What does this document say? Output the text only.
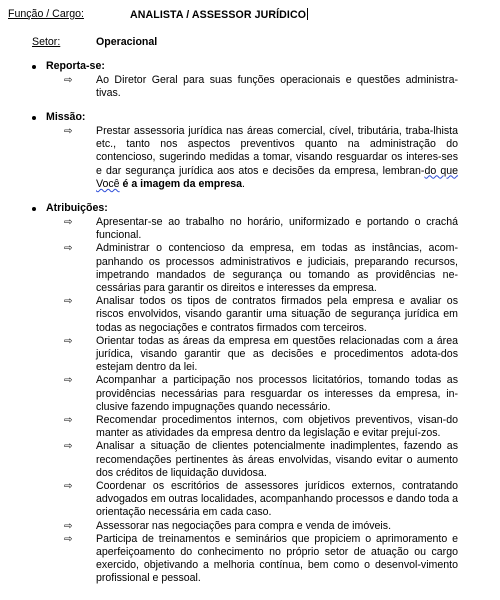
Função / Cargo:	ANALISTA / ASSESSOR JURÍDICO
Setor:	Operacional
Reporta-se:
⇨ Ao Diretor Geral para suas funções operacionais e questões administra-tivas.
Missão:
⇨ Prestar assessoria jurídica nas áreas comercial, cível, tributária, traba-lhista etc., tanto nos aspectos preventivos quanto na administração do contencioso, sugerindo medidas a tomar, visando resguardar os interes-ses e dar segurança jurídica aos atos e decisões da empresa, lembran-do que Você é a imagem da empresa.
Atribuições:
⇨ Apresentar-se ao trabalho no horário, uniformizado e portando o crachá funcional.
⇨ Administrar o contencioso da empresa, em todas as instâncias, acom-panhando os processos administrativos e judiciais, preparando recursos, impetrando mandados de segurança ou tomando as providências ne-cessárias para garantir os direitos e interesses da empresa.
⇨ Analisar todos os tipos de contratos firmados pela empresa e avaliar os riscos envolvidos, visando garantir uma situação de segurança jurídica em todas as negociações e contratos firmados com terceiros.
⇨ Orientar todas as áreas da empresa em questões relacionadas com a área jurídica, visando garantir que as decisões e procedimentos adota-dos estejam dentro da lei.
⇨ Acompanhar a participação nos processos licitatórios, tomando todas as providências necessárias para resguardar os interesses da empresa, in-clusive fazendo impugnações quando necessário.
⇨ Recomendar procedimentos internos, com objetivos preventivos, visan-do manter as atividades da empresa dentro da legislação e evitar prejuí-zos.
⇨ Analisar a situação de clientes potencialmente inadimplentes, fazendo as recomendações pertinentes às áreas envolvidas, visando evitar o aumento dos créditos de liquidação duvidosa.
⇨ Coordenar os escritórios de assessores jurídicos externos, contratando advogados em outras localidades, acompanhando processos e dando toda a orientação necessária em cada caso.
⇨ Assessorar nas negociações para compra e venda de imóveis.
⇨ Participa de treinamentos e seminários que propiciem o aprimoramento e aperfeiçoamento do conhecimento no próprio setor de atuação ou cargo exercido, objetivando a melhoria contínua, bem como o desenvol-vimento profissional e pessoal.
